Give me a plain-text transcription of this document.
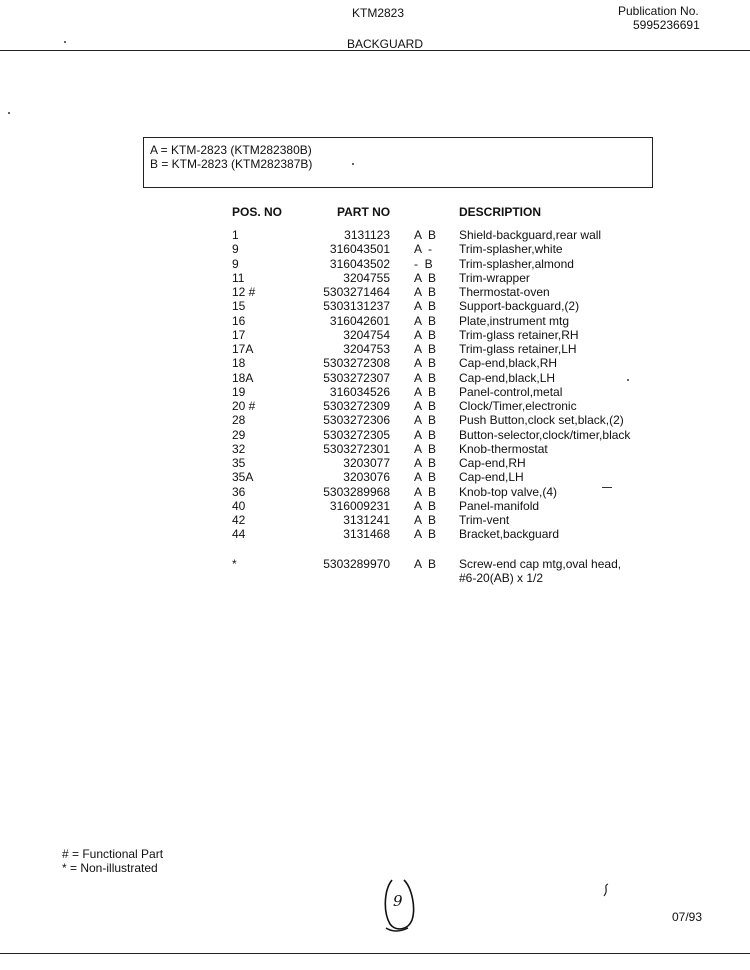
KTM2823	Publication No.
5995236691
BACKGUARD
A = KTM-2823 (KTM282380B)
B = KTM-2823 (KTM282387B)
POS. NO	PART NO	DESCRIPTION
1	3131123 A  B Shield-backguard,rear wall
9	316043501 A  - Trim-splasher,white
9	316043502 -  B Trim-splasher,almond
11	3204755 A  B Trim-wrapper
12 #	5303271464 A  B Thermostat-oven
15	5303131237 A  B Support-backguard,(2)
16	316042601 A  B Plate,instrument mtg
17	3204754 A  B Trim-glass retainer,RH
17A	3204753 A  B Trim-glass retainer,LH
18	5303272308 A  B Cap-end,black,RH
18A	5303272307 A  B Cap-end,black,LH
19	316034526 A  B Panel-control,metal
20 #	5303272309 A  B Clock/Timer,electronic
28	5303272306 A  B Push Button,clock set,black,(2)
29	5303272305 A  B Button-selector,clock/timer,black
32	5303272301 A  B Knob-thermostat
35	3203077 A  B Cap-end,RH
35A	3203076 A  B Cap-end,LH
36	5303289968 A  B Knob-top valve,(4)
40	316009231 A  B Panel-manifold
42	3131241 A  B Trim-vent
44	3131468 A  B Bracket,backguard
*	5303289970 A  B Screw-end cap mtg,oval head,
#6-20(AB) x 1/2
# = Functional Part
* = Non-illustrated
9
07/93
